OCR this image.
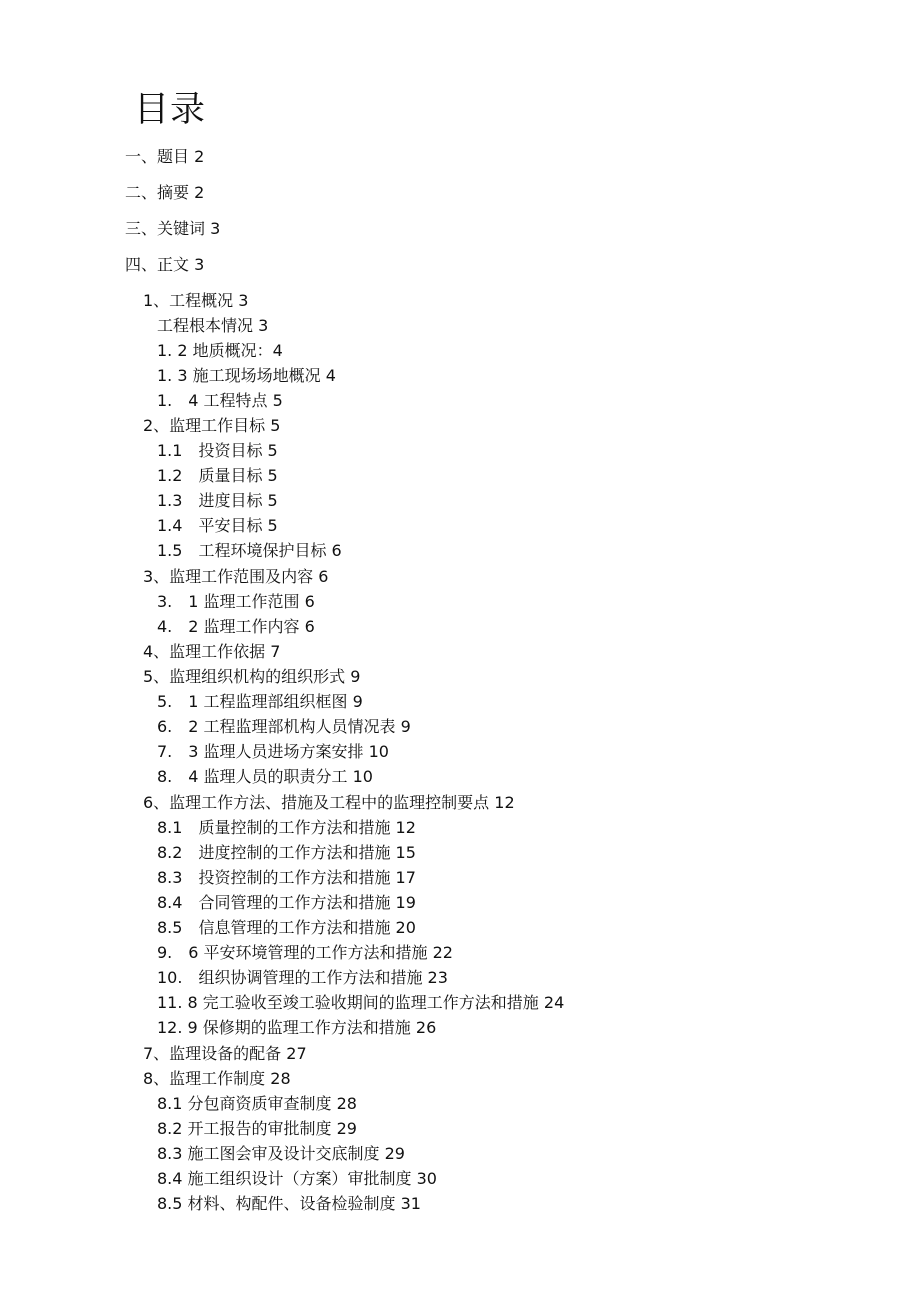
目录
一、题目 2
二、摘要 2
三、关键词 3
四、正文 3
1、工程概况 3
工程根本情况 3
1. 2 地质概况：4
1. 3 施工现场场地概况 4
1.　4 工程特点 5
2、监理工作目标 5
1.1　投资目标 5
1.2　质量目标 5
1.3　进度目标 5
1.4　平安目标 5
1.5　工程环境保护目标 6
3、监理工作范围及内容 6
3.　1 监理工作范围 6
4.　2 监理工作内容 6
4、监理工作依据 7
5、监理组织机构的组织形式 9
5.　1 工程监理部组织框图 9
6.　2 工程监理部机构人员情况表 9
7.　3 监理人员进场方案安排 10
8.　4 监理人员的职责分工 10
6、监理工作方法、措施及工程中的监理控制要点 12
8.1　质量控制的工作方法和措施 12
8.2　进度控制的工作方法和措施 15
8.3　投资控制的工作方法和措施 17
8.4　合同管理的工作方法和措施 19
8.5　信息管理的工作方法和措施 20
9.　6 平安环境管理的工作方法和措施 22
10.　组织协调管理的工作方法和措施 23
11. 8 完工验收至竣工验收期间的监理工作方法和措施 24
12. 9 保修期的监理工作方法和措施 26
7、监理设备的配备 27
8、监理工作制度 28
8.1 分包商资质审查制度 28
8.2 开工报告的审批制度 29
8.3 施工图会审及设计交底制度 29
8.4 施工组织设计（方案）审批制度 30
8.5 材料、构配件、设备检验制度 31
